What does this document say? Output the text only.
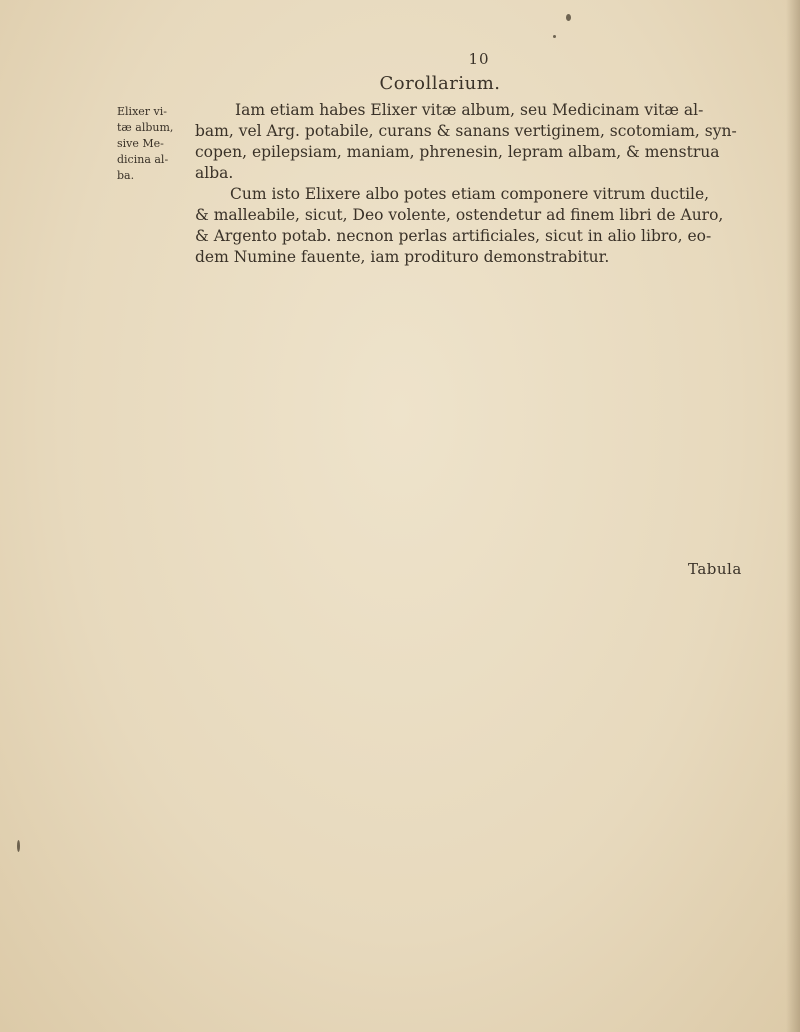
10
Corollarium.
Elixer vi-
tæ album,
sive Me-
dicina al-
ba.
Iam etiam habes Elixer vitæ album, seu Medicinam vitæ al-
bam, vel Arg. potabile, curans & sanans vertiginem, scotomiam, syn-
copen, epilepsiam, maniam, phrenesin, lepram albam, & menstrua
alba.
Cum isto Elixere albo potes etiam componere vitrum ductile,
& malleabile, sicut, Deo volente, ostendetur ad finem libri de Auro,
& Argento potab. necnon perlas artificiales, sicut in alio libro, eo-
dem Numine fauente, iam prodituro demonstrabitur.
Tabula
